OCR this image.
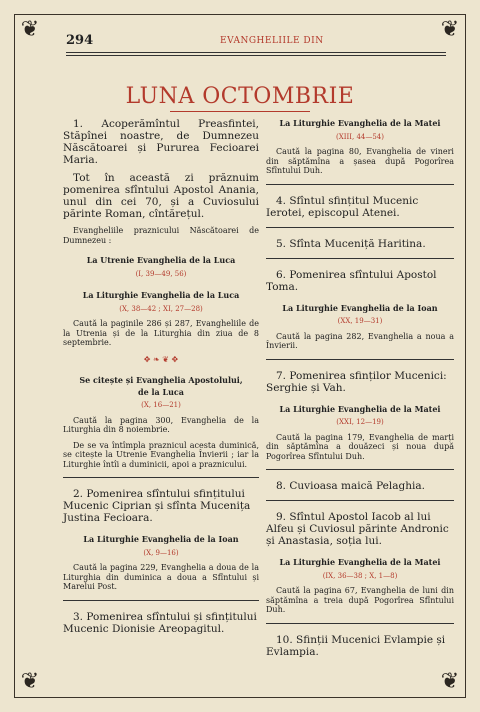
❦	❦
❦	❦
294	EVANGHELIILE DIN
LUNA OCTOMBRIE

1. Acoperămîntul Preasfintei, Stăpînei noastre, de Dumnezeu Născătoarei și Pururea Fecioarei Maria.

Tot în această zi prăznuim pomenirea sfîntului Apostol Anania, unul din cei 70, și a Cuviosului părinte Roman, cîntărețul.

Evangheliile praznicului Născătoarei de Dumnezeu :

La Utrenie Evanghelia de la Luca
(I, 39—49, 56)
La Liturghie Evanghelia de la Luca
(X, 38—42 ; XI, 27—28)

Caută la paginile 286 și 287, Evangheliile de la Utrenia și de la Liturghia din ziua de 8 septembrie.

✥ ❧ ❦ ✥
Se citește și Evanghelia Apostolului,
de la Luca
(X, 16—21)

Caută la pagina 300, Evanghelia de la Liturghia din 8 noiembrie.

De se va întîmpla praznicul acesta duminică, se citește la Utrenie Evanghelia Învierii ; iar la Liturghie întîi a duminicii, apoi a praznicului.

2. Pomenirea sfîntului sfințitului Mucenic Ciprian și sfînta Mucenița Justina Fecioara.

La Liturghie Evanghelia de la Ioan
(X, 9—16)

Caută la pagina 229, Evanghelia a doua de la Liturghia din duminica a doua a Sfîntului și Marelui Post.

3. Pomenirea sfîntului și sfințitului Mucenic Dionisie Areopagitul.

La Liturghie Evanghelia de la Matei
(XIII, 44—54)

Caută la pagina 80, Evanghelia de vineri din săptămîna a șasea după Pogorîrea Sfîntului Duh.

4. Sfîntul sfințitul Mucenic Ierotei, episcopul Atenei.

5. Sfînta Muceniță Haritina.

6. Pomenirea sfîntului Apostol Toma.

La Liturghie Evanghelia de la Ioan
(XX, 19—31)

Caută la pagina 282, Evanghelia a noua a Învierii.

7. Pomenirea sfinților Mucenici: Serghie și Vah.

La Liturghie Evanghelia de la Matei
(XXI, 12—19)

Caută la pagina 179, Evanghelia de marți din săptămîna a douăzeci și noua după Pogorîrea Sfîntului Duh.

8. Cuvioasa maică Pelaghia.

9. Sfîntul Apostol Iacob al lui Alfeu și Cuviosul părinte Andronic și Anastasia, soția lui.

La Liturghie Evanghelia de la Matei
(IX, 36—38 ; X, 1—8)

Caută la pagina 67, Evanghelia de luni din săptămîna a treia după Pogorîrea Sfîntului Duh.

10. Sfinții Mucenici Evlampie și Evlampia.
